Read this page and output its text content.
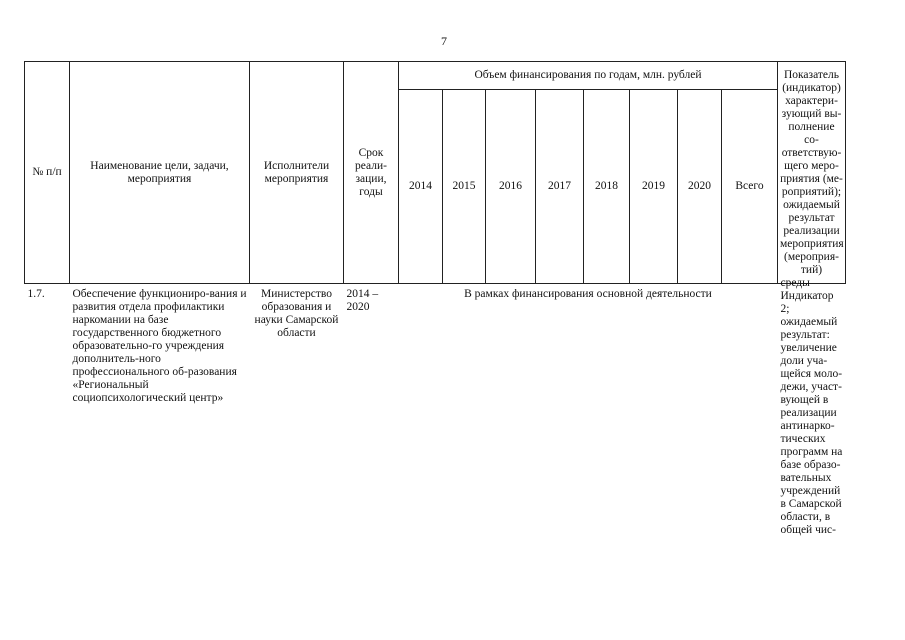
7
№ п/п	Наименование цели, задачи, мероприятия	Исполнители мероприятия	Срок реали-зации, годы	Объем финансирования по годам, млн. рублей								Показатель (индикатор) характери-зующий вы-полнение со-ответствую-щего меро-приятия (ме-роприятий); ожидаемый результат реализации мероприятия (мероприя-тий)
				2014	2015	2016	2017	2018	2019	2020	Всего	
1.7.	Обеспечение функциониро-вания и развития отдела профилактики наркомании на базе государственного бюджетного образовательно-го учреждения дополнитель-ного профессионального об-разования «Региональный социопсихологический центр»	Министерство образования и науки Самарской области	2014 – 2020	В рамках финансирования основной деятельности								среды Индикатор 2; ожидаемый результат: увеличение доли уча-щейся моло-дежи, участ-вующей в реализации антинарко-тических программ на базе образо-вательных учреждений в Самарской области, в общей чис-
